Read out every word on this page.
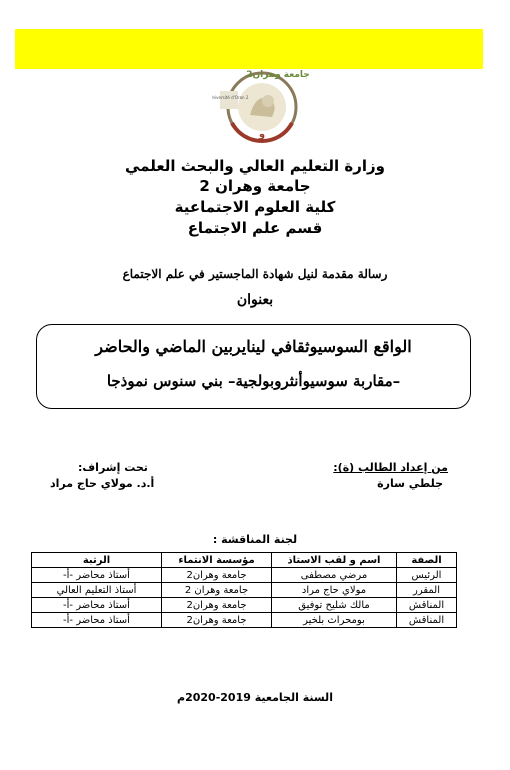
Université d'Oran 2
و
جامعة وهران2
وزارة التعليم العالي والبحث العلمي
جامعة وهران 2
كلية العلوم الاجتماعية
قسم علم الاجتماع
رسالة مقدمة لنيل شهادة الماجستير في علم الاجتماع
بعنوان
الواقع السوسيوثقافي لينايربين الماضي والحاضر
–مقاربة سوسيوأنثروبولجية– بني سنوس نموذجا
من إعداد الطالب (ة):
جلطي سارة
تحت إشراف:
أ.د. مولاي حاج مراد
لجنة المناقشة :
الصفة	اسم و لقب الاستاذ	مؤسسة الانتماء	الرتبة
الرئيس	مرضي مصطفى	جامعة وهران2	أستاذ محاضر -أ-
المقرر	مولاي حاج مراد	جامعة وهران 2	أستاذ التعليم العالي
المناقش	مالك شليح توفيق	جامعة وهران2	أستاذ محاضر -أ-
المناقش	بومحراث بلخير	جامعة وهران2	أستاذ محاضر -أ-
السنة الجامعية 2019-2020م
